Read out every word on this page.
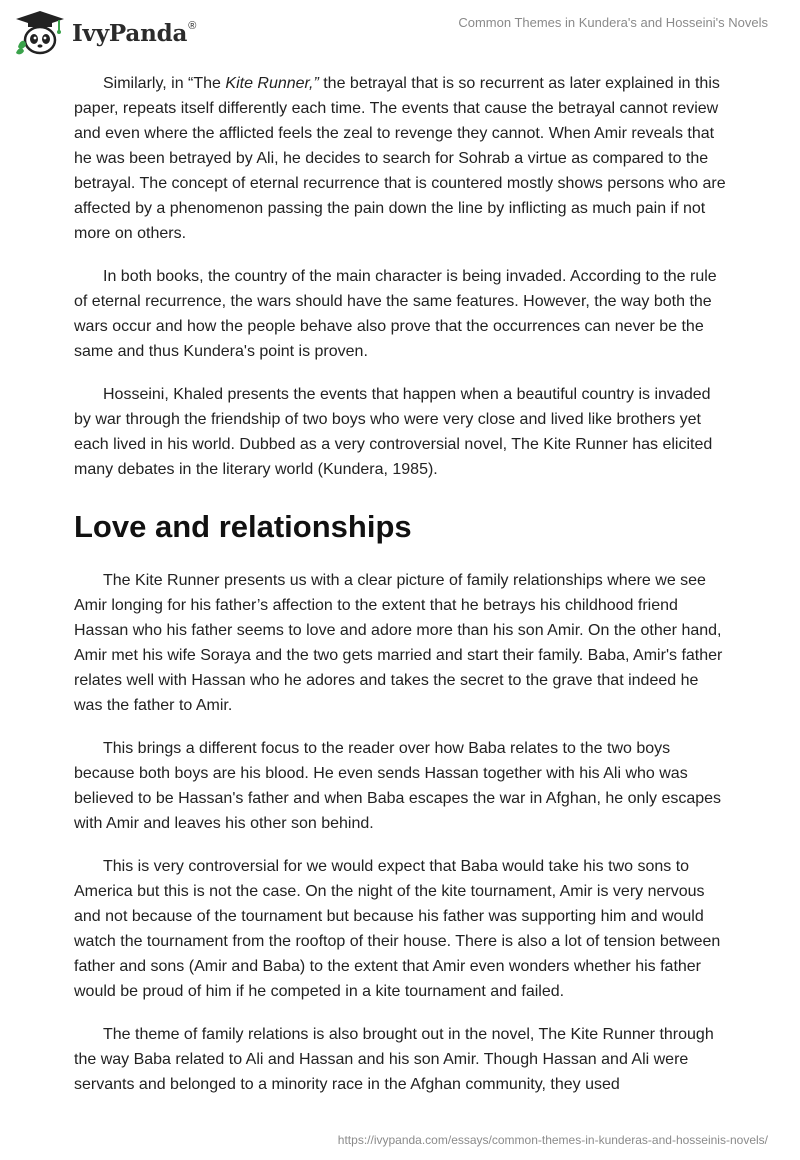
IvyPanda®	Common Themes in Kundera's and Hosseini's Novels

Similarly, in “The Kite Runner,” the betrayal that is so recurrent as later explained in this paper, repeats itself differently each time. The events that cause the betrayal cannot review and even where the afflicted feels the zeal to revenge they cannot. When Amir reveals that he was been betrayed by Ali, he decides to search for Sohrab a virtue as compared to the betrayal. The concept of eternal recurrence that is countered mostly shows persons who are affected by a phenomenon passing the pain down the line by inflicting as much pain if not more on others.

In both books, the country of the main character is being invaded. According to the rule of eternal recurrence, the wars should have the same features. However, the way both the wars occur and how the people behave also prove that the occurrences can never be the same and thus Kundera's point is proven.

Hosseini, Khaled presents the events that happen when a beautiful country is invaded by war through the friendship of two boys who were very close and lived like brothers yet each lived in his world. Dubbed as a very controversial novel, The Kite Runner has elicited many debates in the literary world (Kundera, 1985).

Love and relationships

The Kite Runner presents us with a clear picture of family relationships where we see Amir longing for his father’s affection to the extent that he betrays his childhood friend Hassan who his father seems to love and adore more than his son Amir. On the other hand, Amir met his wife Soraya and the two gets married and start their family. Baba, Amir's father relates well with Hassan who he adores and takes the secret to the grave that indeed he was the father to Amir.

This brings a different focus to the reader over how Baba relates to the two boys because both boys are his blood. He even sends Hassan together with his Ali who was believed to be Hassan's father and when Baba escapes the war in Afghan, he only escapes with Amir and leaves his other son behind.

This is very controversial for we would expect that Baba would take his two sons to America but this is not the case. On the night of the kite tournament, Amir is very nervous and not because of the tournament but because his father was supporting him and would watch the tournament from the rooftop of their house. There is also a lot of tension between father and sons (Amir and Baba) to the extent that Amir even wonders whether his father would be proud of him if he competed in a kite tournament and failed.

The theme of family relations is also brought out in the novel, The Kite Runner through the way Baba related to Ali and Hassan and his son Amir. Though Hassan and Ali were servants and belonged to a minority race in the Afghan community, they used

https://ivypanda.com/essays/common-themes-in-kunderas-and-hosseinis-novels/
